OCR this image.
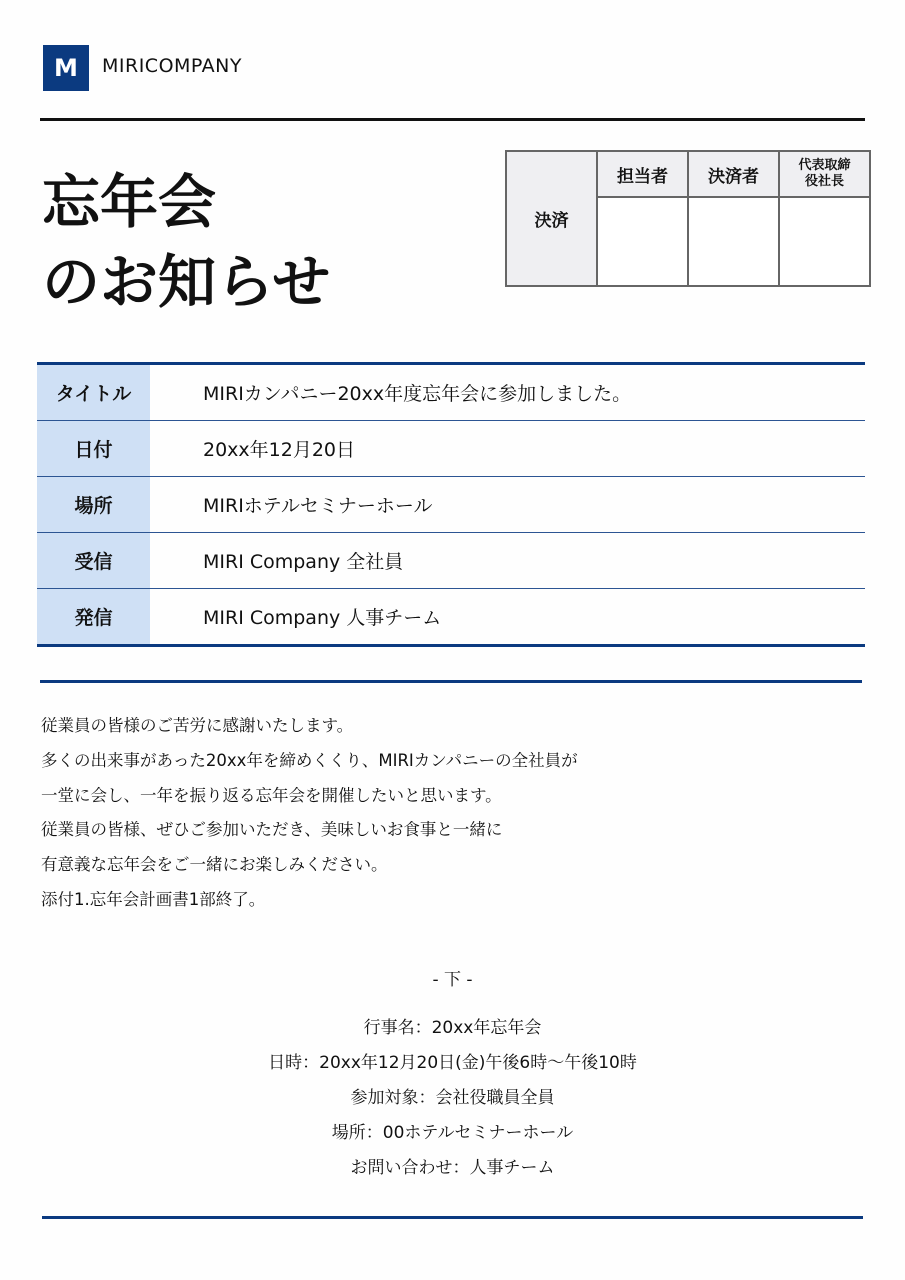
M	MIRICOMPANY
忘年会
のお知らせ
決済	担当者	決済者	代表取締
役社長

タイトル	MIRIカンパニー20xx年度忘年会に参加しました。
日付	20xx年12月20日
場所	MIRIホテルセミナーホール
受信	MIRI Company 全社員
発信	MIRI Company 人事チーム
従業員の皆様のご苦労に感謝いたします。
多くの出来事があった20xx年を締めくくり、MIRIカンパニーの全社員が
一堂に会し、一年を振り返る忘年会を開催したいと思います。
従業員の皆様、ぜひご参加いただき、美味しいお食事と一緒に
有意義な忘年会をご一緒にお楽しみください。
添付1.忘年会計画書1部終了。
- 下 -
行事名：20xx年忘年会
日時：20xx年12月20日(金)午後6時～午後10時
参加対象：会社役職員全員
場所：00ホテルセミナーホール
お問い合わせ：人事チーム
